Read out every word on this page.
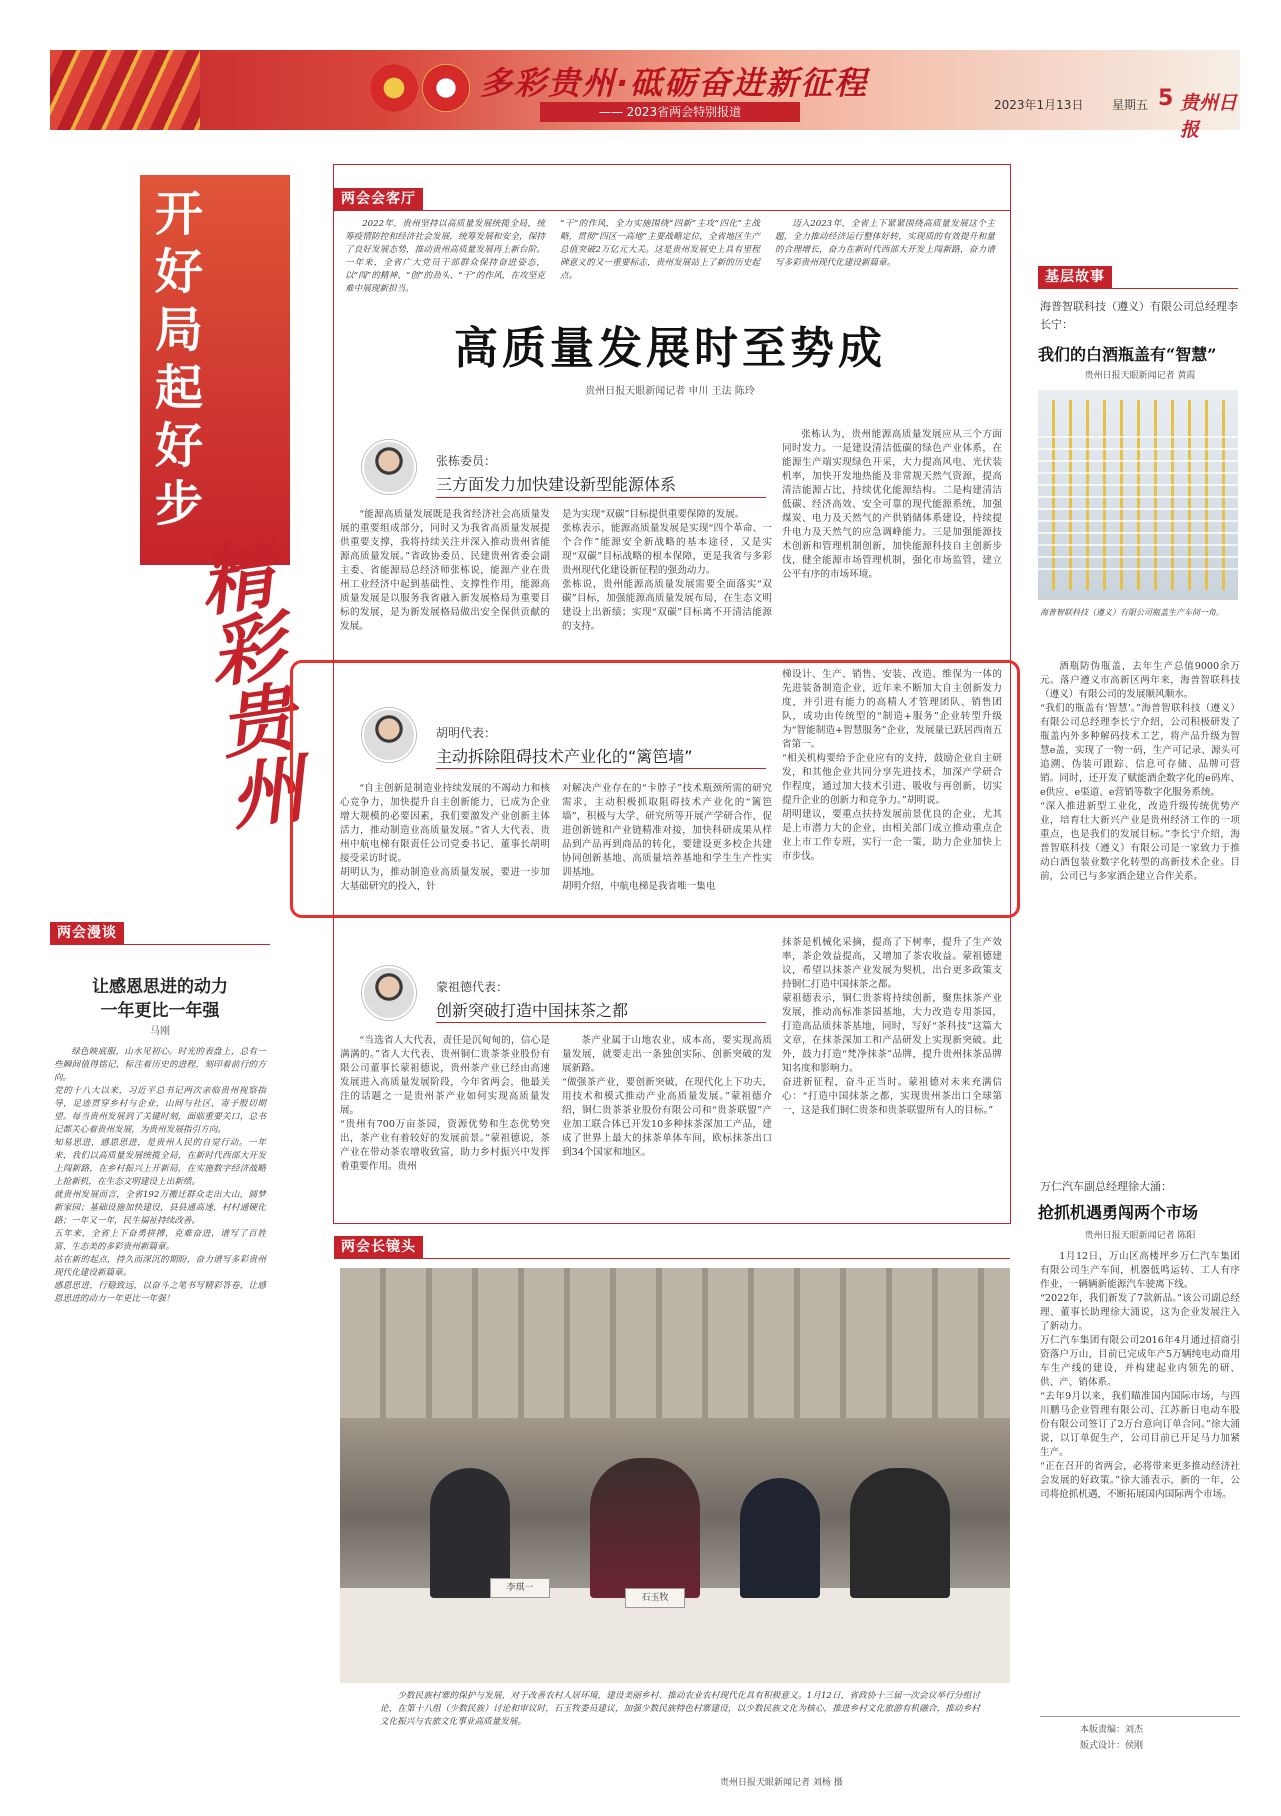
多彩贵州·砥砺奋进新征程
—— 2023省两会特别报道	2023年1月13日 星期五 5 贵州日报
开好局起好步
精彩贵州
两会漫谈
让感恩思进的动力
一年更比一年强
马刚
绿色映底服，山水见初心。时光的表盘上，总有一些瞬间值得铭记，标注着历史的进程，刻印着前行的方向。
党的十八大以来，习近平总书记两次亲临贵州视察指导，足迹贯穿乡村与企业，山间与社区，寄予殷切期望。每当贵州发展到了关键时刻，面临重要关口，总书记都关心着贵州发展，为贵州发展指引方向。
知易思进，感恩思进，是贵州人民的自觉行动。一年来，我们以高质量发展统揽全局，在新时代西部大开发上闯新路，在乡村振兴上开新局，在实施数字经济战略上抢新机，在生态文明建设上出新绩。
就贵州发展而言，全省192万搬迁群众走出大山，圆梦新家园；基础设施加快建设，县县通高速，村村通硬化路；一年又一年，民生福祉持续改善。
五年来，全省上下奋勇拼搏，克难奋进，谱写了百姓富、生态美的多彩贵州新篇章。
站在新的起点，持久而深沉的期盼，奋力谱写多彩贵州现代化建设新篇章。
感恩思进，行稳致远，以奋斗之笔书写精彩答卷，让感恩思进的动力一年更比一年强！
两会会客厅
2022年，贵州坚持以高质量发展统揽全局，统筹疫情防控和经济社会发展，统筹发展和安全，保持了良好发展态势，推动贵州高质量发展再上新台阶。一年来，全省广大党员干部群众保持奋进姿态，以“闯”的精神、“创”的劲头、“干”的作风，在攻坚克难中展现新担当。
“干”的作风，全力实施围绕“四新”主攻“四化”主战略，贯彻“四区一高地”主要战略定位，全省地区生产总值突破2万亿元大关。这是贵州发展史上具有里程碑意义的又一重要标志，贵州发展站上了新的历史起点。
迈入2023年，全省上下紧紧围绕高质量发展这个主题，全力推动经济运行整体好转，实现质的有效提升和量的合理增长，奋力在新时代西部大开发上闯新路，奋力谱写多彩贵州现代化建设新篇章。
高质量发展时至势成
贵州日报天眼新闻记者 申川 王法 陈玲
张栋委员：
三方面发力加快建设新型能源体系
“能源高质量发展既是我省经济社会高质量发展的重要组成部分，同时又为我省高质量发展提供重要支撑，我将持续关注并深入推动贵州省能源高质量发展。”省政协委员、民建贵州省委会副主委、省能源局总经济师张栋说，能源产业在贵州工业经济中起到基础性、支撑性作用，能源高质量发展是以服务我省融入新发展格局为重要目标的发展，是为新发展格局做出安全保供贡献的发展。
是为实现“双碳”目标提供重要保障的发展。
张栋表示，能源高质量发展是实现“四个革命、一个合作”能源安全新战略的基本途径，又是实现“双碳”目标战略的根本保障，更是我省与多彩贵州现代化建设新征程的强劲动力。
张栋说，贵州能源高质量发展需要全面落实“双碳”目标，加强能源高质量发展布局，在生态文明建设上出新绩；实现“双碳”目标离不开清洁能源的支持。
张栋认为，贵州能源高质量发展应从三个方面同时发力。一是建设清洁低碳的绿色产业体系，在能源生产端实现绿色开采，大力提高风电、光伏装机率，加快开发地热能及非常规天然气资源，提高清洁能源占比，持续优化能源结构。二是构建清洁低碳、经济高效、安全可靠的现代能源系统，加强煤炭、电力及天然气的产供销储体系建设，持续提升电力及天然气的应急调峰能力。三是加强能源技术创新和管理机制创新，加快能源科技自主创新步伐，健全能源市场管理机制，强化市场监管，建立公平有序的市场环境。
胡明代表：
主动拆除阻碍技术产业化的“篱笆墙”
“自主创新是制造业持续发展的不竭动力和核心竞争力，加快提升自主创新能力，已成为企业增大规模的必要因素，我们要激发产业创新主体活力，推动制造业高质量发展。”省人大代表、贵州中航电梯有限责任公司党委书记、董事长胡明接受采访时说。
胡明认为，推动制造业高质量发展，要进一步加大基础研究的投入，针
对解决产业存在的“卡脖子”技术瓶颈所需的研究需求，主动积极抓取阻碍技术产业化的“篱笆墙”，积极与大学、研究所等开展产学研合作，促进创新链和产业链精准对接，加快科研成果从样品到产品再到商品的转化，要建设更多校企共建协同创新基地、高质量培养基地和学生生产性实训基地。
胡明介绍，中航电梯是我省唯一集电
梯设计、生产、销售、安装、改造、维保为一体的先进装备制造企业，近年来不断加大自主创新发力度，并引进有能力的高精人才管理团队、销售团队，成功由传统型的“制造+服务”企业转型升级为“智能制造+智慧服务”企业，发展量已跃居西南五省第一。
“相关机构要给予企业应有的支持，鼓励企业自主研发，和其他企业共同分享先进技术，加深产学研合作程度，通过加大技术引进、吸收与再创新，切实提升企业的创新力和竞争力。”胡明说。
胡明建议，要重点扶持发展前景优良的企业，尤其是上市潜力大的企业，由相关部门成立推动重点企业上市工作专班，实行一企一策，助力企业加快上市步伐。
蒙祖德代表：
创新突破打造中国抹茶之都
“当选省人大代表，责任是沉甸甸的，信心是满满的。”省人大代表、贵州铜仁贵茶茶业股份有限公司董事长蒙祖德说，贵州茶产业已经由高速发展进入高质量发展阶段，今年省两会，他最关注的话题之一是贵州茶产业如何实现高质量发展。
“贵州有700万亩茶园，资源优势和生态优势突出，茶产业有着较好的发展前景。”蒙祖德说，茶产业在带动茶农增收致富，助力乡村振兴中发挥着重要作用。贵州
茶产业属于山地农业，成本高，要实现高质量发展，就要走出一条独创实际、创新突破的发展新路。
“做强茶产业，要创新突破，在现代化上下功夫，用技术和模式推动产业高质量发展。”蒙祖德介绍，铜仁贵茶茶业股份有限公司和“贵茶联盟”产业加工联合体已开发10多种抹茶深加工产品，建成了世界上最大的抹茶单体车间，欧标抹茶出口到34个国家和地区。
抹茶是机械化采摘，提高了下树率，提升了生产效率，茶企效益提高，又增加了茶农收益。蒙祖德建议，希望以抹茶产业发展为契机，出台更多政策支持铜仁打造中国抹茶之都。
蒙祖德表示，铜仁贵茶将持续创新，聚焦抹茶产业发展，推动高标准茶园基地，大力改造专用茶园，打造高品质抹茶基地，同时，写好“茶科技”这篇大文章，在抹茶深加工和产品研发上实现新突破。此外，鼓力打造“梵净抹茶”品牌，提升贵州抹茶品牌知名度和影响力。
奋进新征程，奋斗正当时。蒙祖德对未来充满信心：“打造中国抹茶之都，实现贵州茶出口全球第一，这是我们铜仁贵茶和贵茶联盟所有人的目标。”
两会长镜头
李琪一
石玉牧
少数民族村寨的保护与发展，对于改善农村人居环境，建设美丽乡村、推动农业农村现代化具有积极意义。1月12日，省政协十三届一次会议举行分组讨论，在第十八组（少数民族）讨论和审议时，石玉牧委员建议，加强少数民族特色村寨建设，以少数民族文化为核心，推进乡村文化旅游有机融合，推动乡村文化振兴与农旅文化事业高质量发展。
贵州日报天眼新闻记者 刘杨 摄
基层故事
海普智联科技（遵义）有限公司总经理李长宁：
我们的白酒瓶盖有“智慧”
贵州日报天眼新闻记者 黄霞
海普智联科技（遵义）有限公司瓶盖生产车间一角。
酒瓶防伪瓶盖，去年生产总值9000余万元。落户遵义市高新区两年来，海普智联科技（遵义）有限公司的发展顺风顺水。
“我们的瓶盖有‘智慧’。”海普智联科技（遵义）有限公司总经理李长宁介绍，公司积极研发了瓶盖内外多种解码技术工艺，将产品升级为智慧e盖，实现了一物一码，生产可记录、源头可追溯、伪装可跟踪、信息可存储、品牌可营销。同时，还开发了赋能酒企数字化的e码库、e供应、e渠道、e营销等数字化服务系统。
“深入推进新型工业化，改造升级传统优势产业，培育壮大新兴产业是贵州经济工作的一项重点，也是我们的发展目标。”李长宁介绍，海普智联科技（遵义）有限公司是一家致力于推动白酒包装业数字化转型的高新技术企业。目前，公司已与多家酒企建立合作关系。
万仁汽车副总经理徐大涌：
抢抓机遇勇闯两个市场
贵州日报天眼新闻记者 陈阳
1月12日，万山区高楼坪乡万仁汽车集团有限公司生产车间，机器低鸣运转、工人有序作业，一辆辆新能源汽车驶离下线。
“2022年，我们新发了7款新品。”该公司副总经理、董事长助理徐大涌说，这为企业发展注入了新动力。
万仁汽车集团有限公司2016年4月通过招商引资落户万山，目前已完成年产5万辆纯电动商用车生产线的建设，并构建起业内领先的研、供、产、销体系。
“去年9月以来，我们瞄准国内国际市场，与四川鹏马企业管理有限公司、江苏新日电动车股份有限公司签订了2万台意向订单合同。”徐大涌说，以订单促生产，公司目前已开足马力加紧生产。
“正在召开的省两会，必将带来更多推动经济社会发展的好政策。”徐大涌表示，新的一年，公司将抢抓机遇，不断拓展国内国际两个市场。
本版责编：刘杰
版式设计：侯刚
